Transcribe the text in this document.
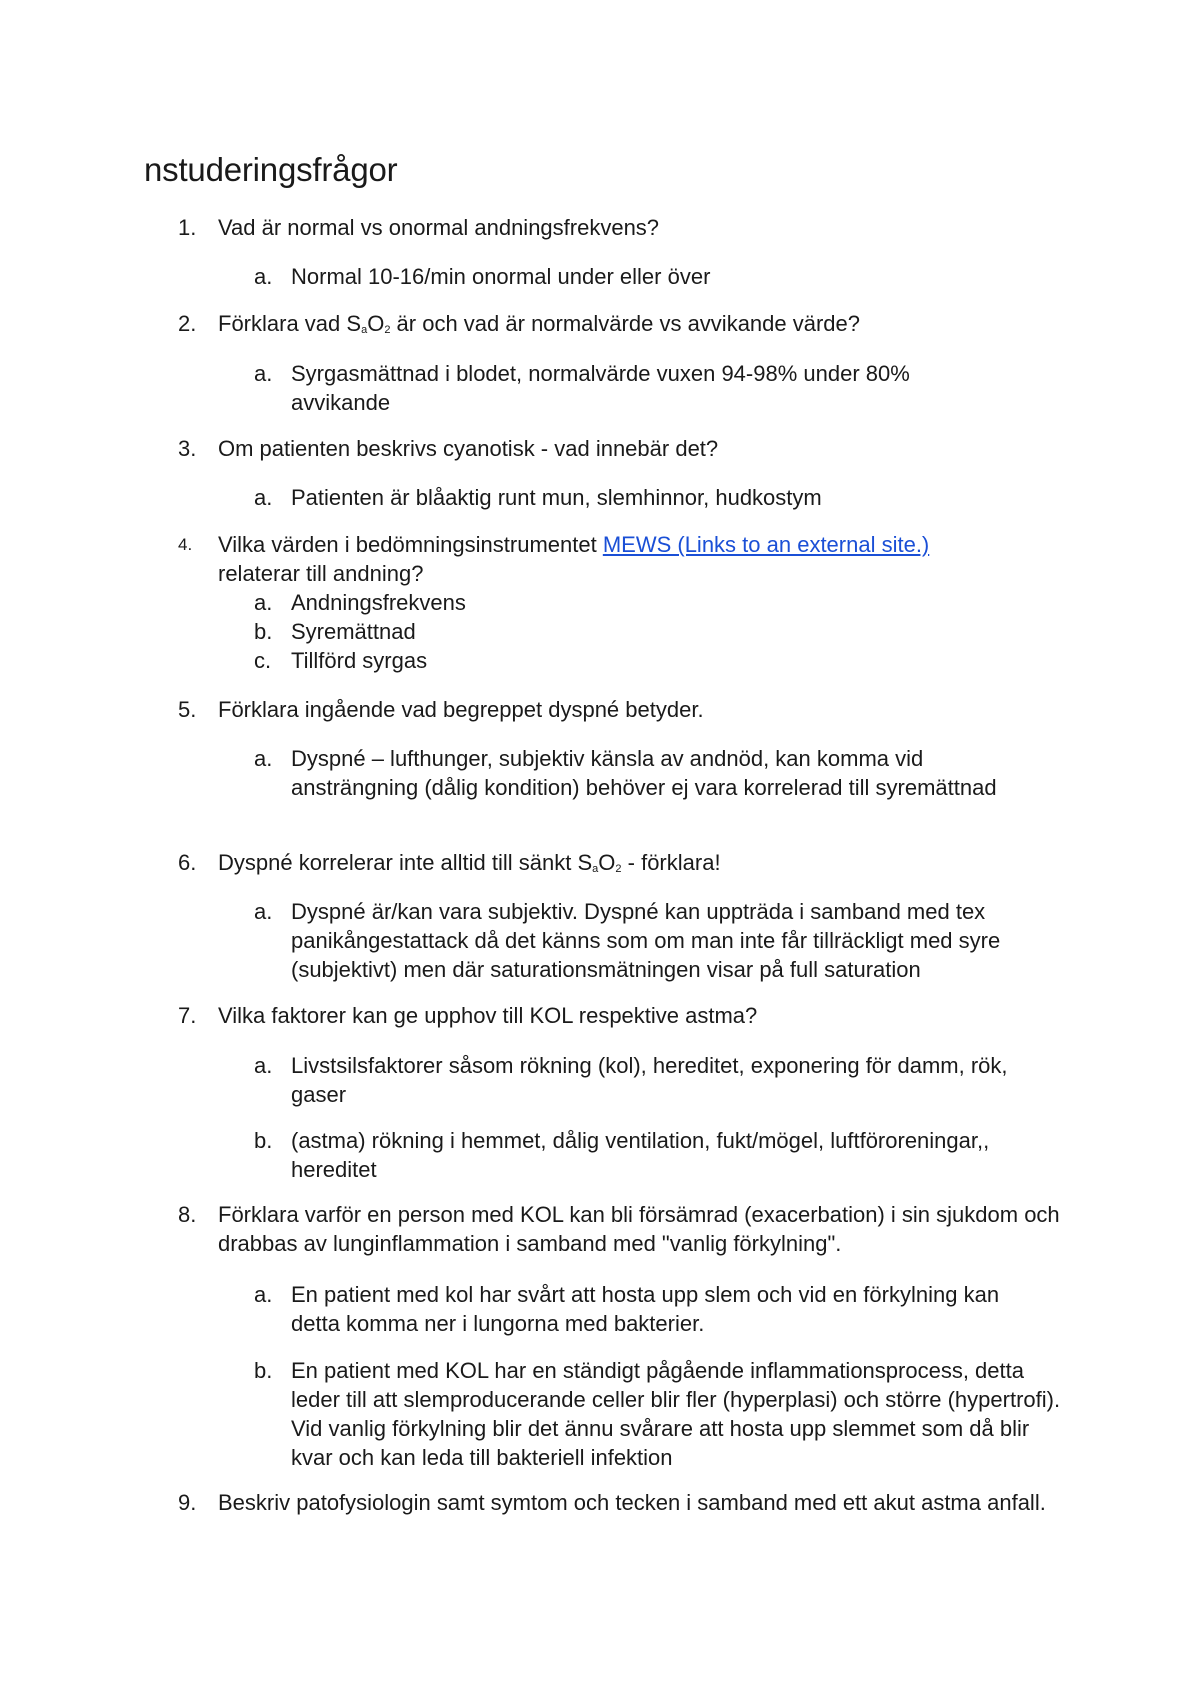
nstuderingsfrågor
1. Vad är normal vs onormal andningsfrekvens?
a. Normal 10-16/min onormal under eller över
2. Förklara vad $S_aO_2$ är och vad är normalvärde vs avvikande värde?
a. Syrgasmättnad i blodet, normalvärde vuxen 94-98% under 80% avvikande
3. Om patienten beskrivs cyanotisk - vad innebär det?
a. Patienten är blåaktig runt mun, slemhinnor, hudkostym
4. Vilka värden i bedömningsinstrumentet MEWS (Links to an external site.) relaterar till andning?
a. Andningsfrekvens
b. Syremättnad
c. Tillförd syrgas
5. Förklara ingående vad begreppet dyspné betyder.
a. Dyspné – lufthunger, subjektiv känsla av andnöd, kan komma vid ansträngning (dålig kondition) behöver ej vara korrelerad till syremättnad
6. Dyspné korrelerar inte alltid till sänkt $S_aO_2$ - förklara!
a. Dyspné är/kan vara subjektiv. Dyspné kan uppträda i samband med tex panikångestattack då det känns som om man inte får tillräckligt med syre (subjektivt) men där saturationsmätningen visar på full saturation
7. Vilka faktorer kan ge upphov till KOL respektive astma?
a. Livstsilsfaktorer såsom rökning (kol), hereditet, exponering för damm, rök, gaser
b. (astma) rökning i hemmet, dålig ventilation, fukt/mögel, luftföroreningar,, hereditet
8. Förklara varför en person med KOL kan bli försämrad (exacerbation) i sin sjukdom och drabbas av lunginflammation i samband med "vanlig förkylning".
a. En patient med kol har svårt att hosta upp slem och vid en förkylning kan detta komma ner i lungorna med bakterier.
b. En patient med KOL har en ständigt pågående inflammationsprocess, detta leder till att slemproducerande celler blir fler (hyperplasi) och större (hypertrofi). Vid vanlig förkylning blir det ännu svårare att hosta upp slemmet som då blir kvar och kan leda till bakteriell infektion
9. Beskriv patofysiologin samt symtom och tecken i samband med ett akut astma anfall.
